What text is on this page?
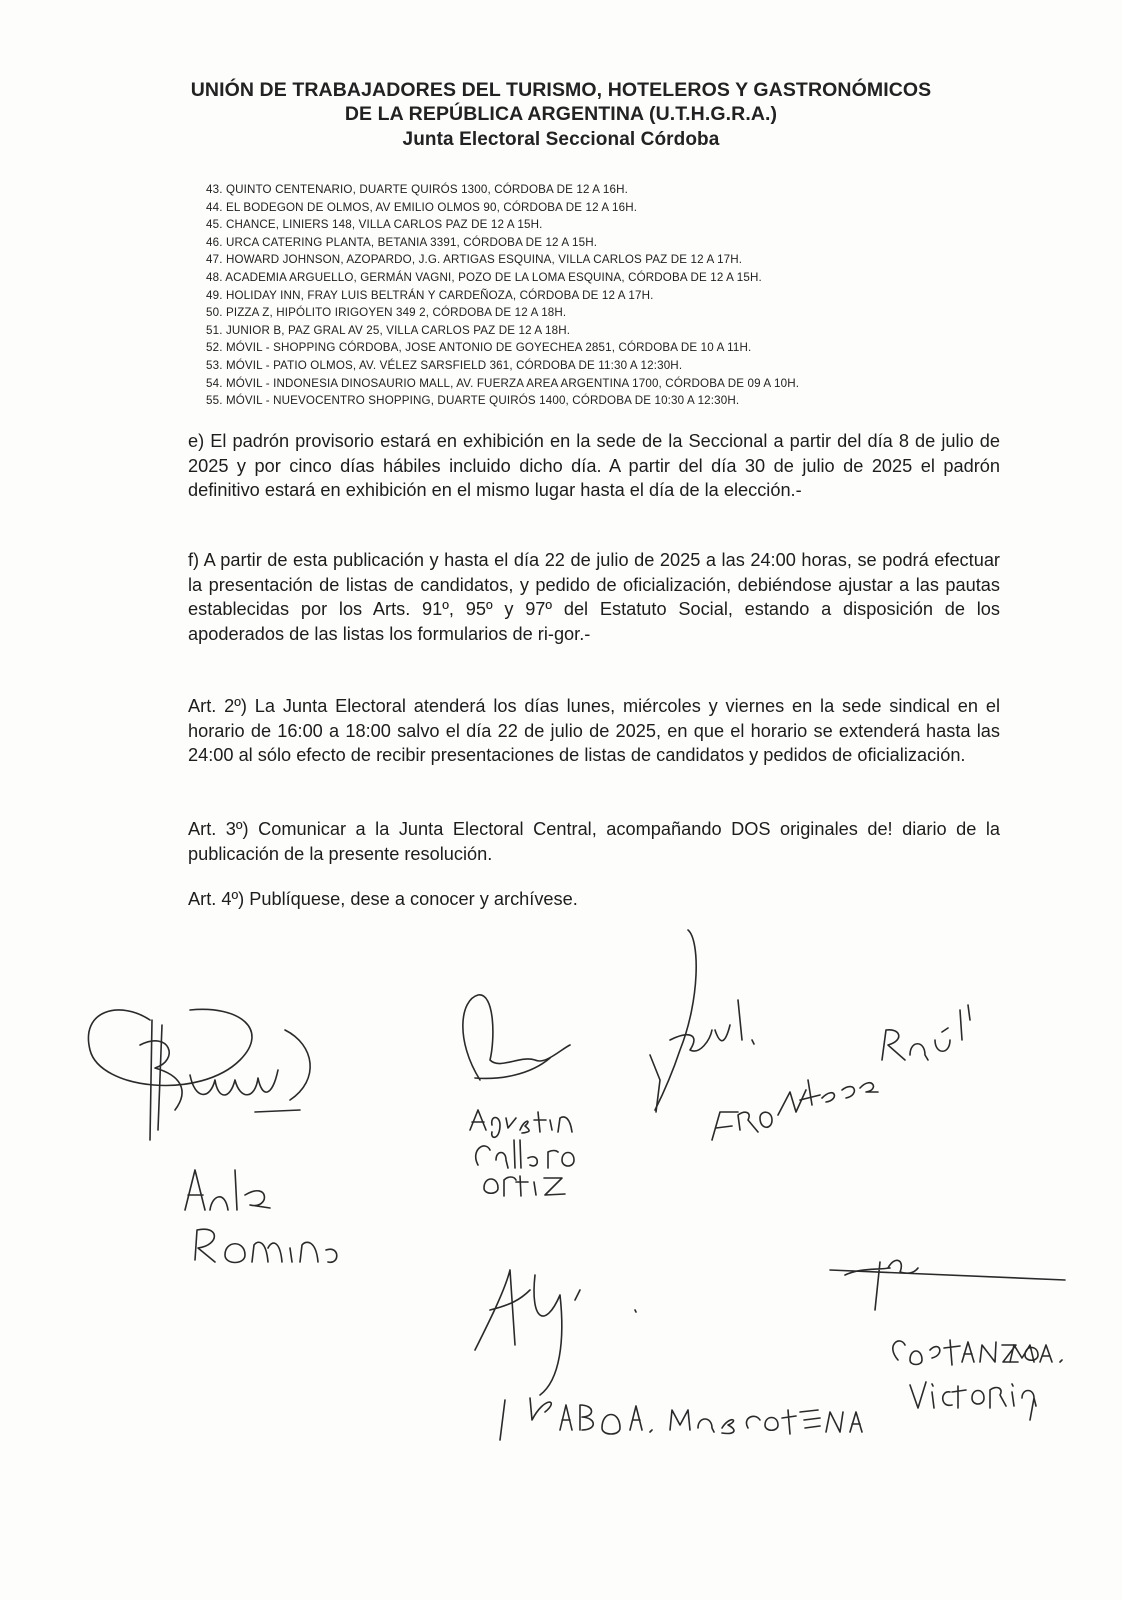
UNIÓN DE TRABAJADORES DEL TURISMO, HOTELEROS Y GASTRONÓMICOS
DE LA REPÚBLICA ARGENTINA (U.T.H.G.R.A.)
Junta Electoral Seccional Córdoba
43. QUINTO CENTENARIO, DUARTE QUIRÓS 1300, CÓRDOBA DE 12 A 16H.
44. EL BODEGON DE OLMOS, AV EMILIO OLMOS 90, CÓRDOBA DE 12 A 16H.
45. CHANCE, LINIERS 148, VILLA CARLOS PAZ DE 12 A 15H.
46. URCA CATERING PLANTA, BETANIA 3391, CÓRDOBA DE 12 A 15H.
47. HOWARD JOHNSON, AZOPARDO, J.G. ARTIGAS ESQUINA, VILLA CARLOS PAZ DE 12 A 17H.
48. ACADEMIA ARGUELLO, GERMÁN VAGNI, POZO DE LA LOMA ESQUINA, CÓRDOBA DE 12 A 15H.
49. HOLIDAY INN, FRAY LUIS BELTRÁN Y CARDEÑOZA, CÓRDOBA DE 12 A 17H.
50. PIZZA Z, HIPÓLITO IRIGOYEN 349 2, CÓRDOBA DE 12 A 18H.
51. JUNIOR B, PAZ GRAL AV 25, VILLA CARLOS PAZ DE 12 A 18H.
52. MÓVIL - SHOPPING CÓRDOBA, JOSE ANTONIO DE GOYECHEA 2851, CÓRDOBA DE 10 A 11H.
53. MÓVIL - PATIO OLMOS, AV. VÉLEZ SARSFIELD 361, CÓRDOBA DE 11:30 A 12:30H.
54. MÓVIL - INDONESIA DINOSAURIO MALL, AV. FUERZA AREA ARGENTINA 1700, CÓRDOBA DE 09 A 10H.
55. MÓVIL - NUEVOCENTRO SHOPPING, DUARTE QUIRÓS 1400, CÓRDOBA DE 10:30 A 12:30H.

e) El padrón provisorio estará en exhibición en la sede de la Seccional a partir del día 8 de julio de 2025 y por cinco días hábiles incluido dicho día. A partir del día 30 de julio de 2025 el padrón definitivo estará en exhibición en el mismo lugar hasta el día de la elección.-

f) A partir de esta publicación y hasta el día 22 de julio de 2025 a las 24:00 horas, se podrá efectuar la presentación de listas de candidatos, y pedido de oficialización, debiéndose ajustar a las pautas establecidas por los Arts. 91º, 95º y 97º del Estatuto Social, estando a disposición de los apoderados de las listas los formularios de ri-gor.-

Art. 2º) La Junta Electoral atenderá los días lunes, miércoles y viernes en la sede sindical en el horario de 16:00 a 18:00 salvo el día 22 de julio de 2025, en que el horario se extenderá hasta las 24:00 al sólo efecto de recibir presentaciones de listas de candidatos y pedidos de oficialización.

Art. 3º) Comunicar a la Junta Electoral Central, acompañando DOS originales de! diario de la publicación de la presente resolución.

Art. 4º) Publíquese, dese a conocer y archívese.
